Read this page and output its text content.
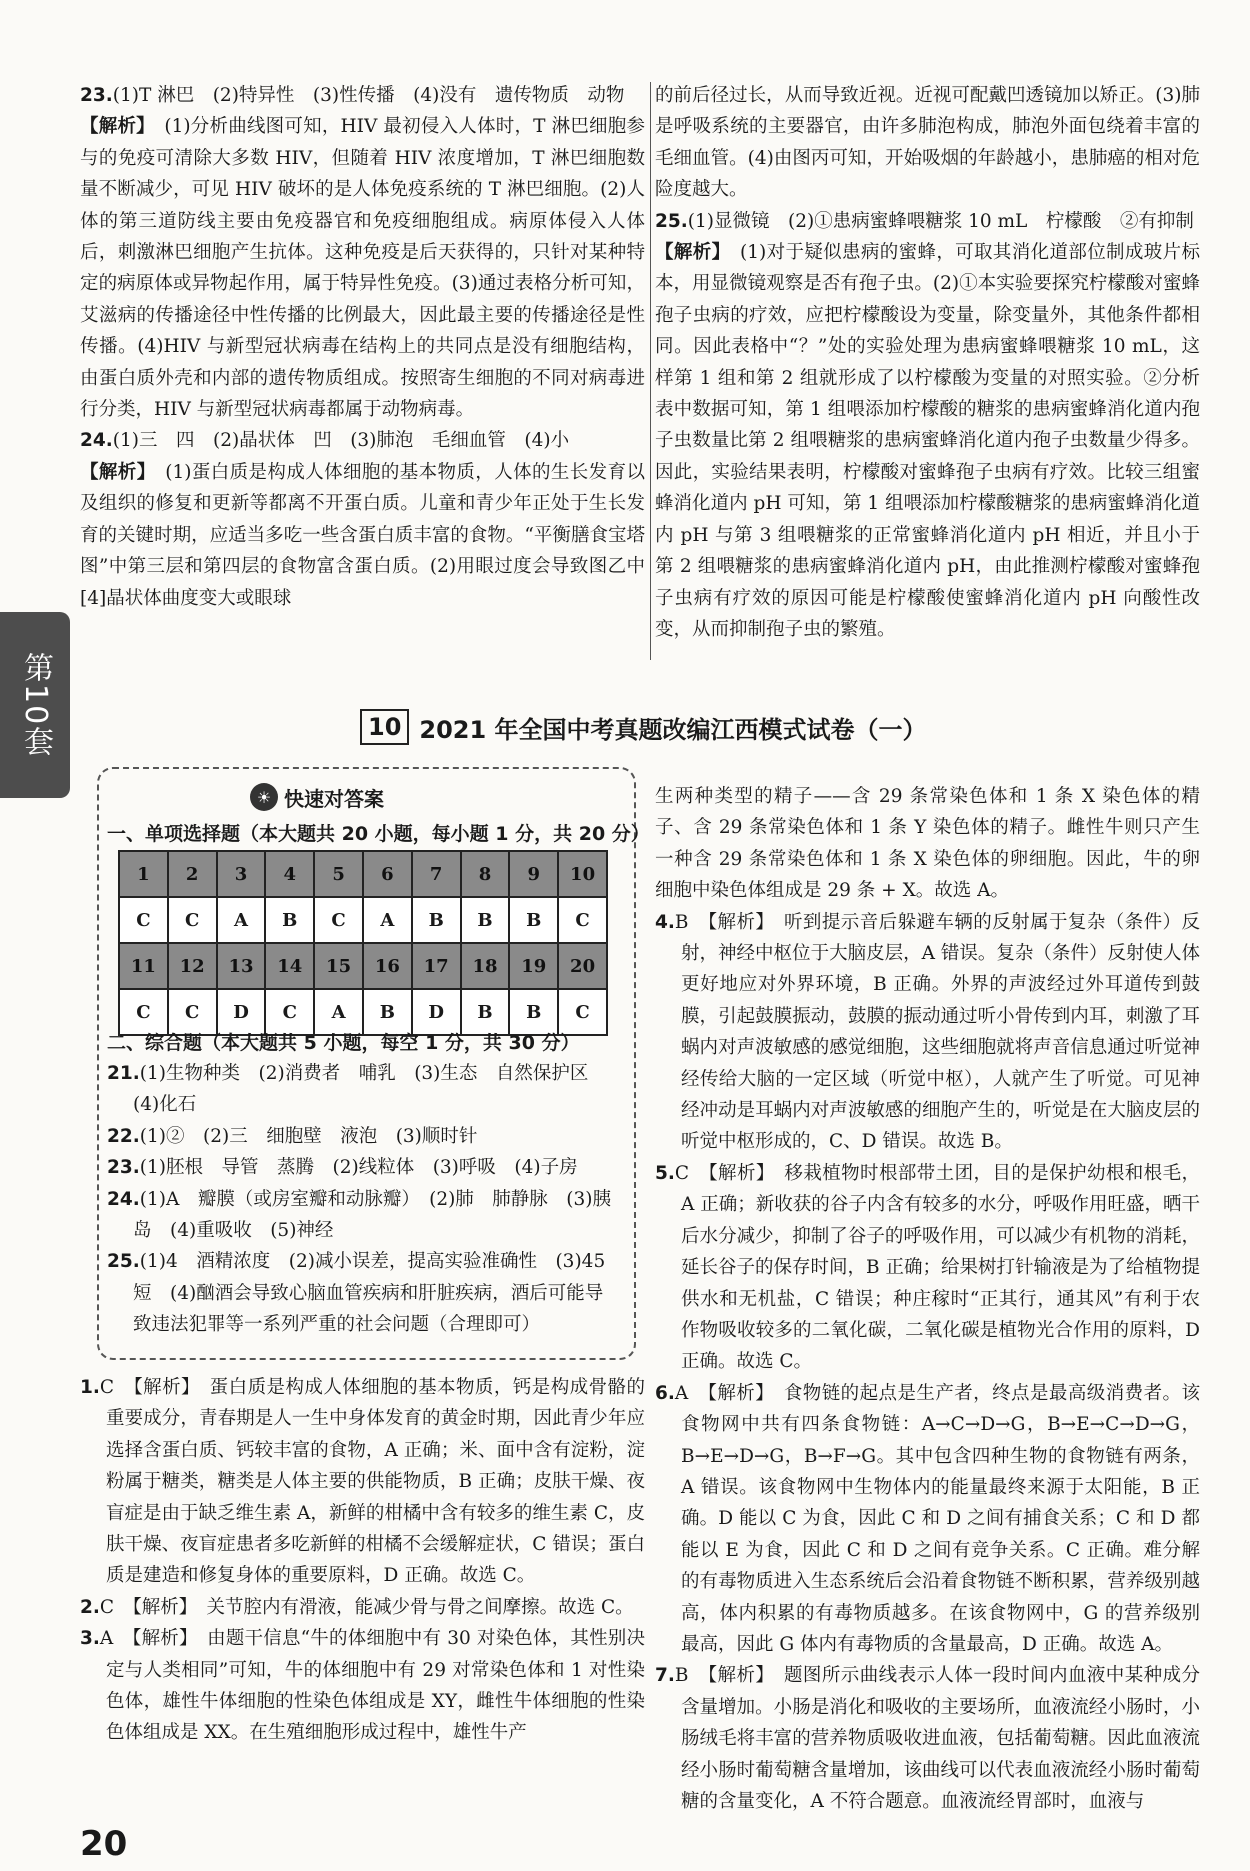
23.(1)T 淋巴　(2)特异性　(3)性传播　(4)没有　遗传物质　动物

【解析】　(1)分析曲线图可知，HIV 最初侵入人体时，T 淋巴细胞参与的免疫可清除大多数 HIV，但随着 HIV 浓度增加，T 淋巴细胞数量不断减少，可见 HIV 破坏的是人体免疫系统的 T 淋巴细胞。(2)人体的第三道防线主要由免疫器官和免疫细胞组成。病原体侵入人体后，刺激淋巴细胞产生抗体。这种免疫是后天获得的，只针对某种特定的病原体或异物起作用，属于特异性免疫。(3)通过表格分析可知，艾滋病的传播途径中性传播的比例最大，因此最主要的传播途径是性传播。(4)HIV 与新型冠状病毒在结构上的共同点是没有细胞结构，由蛋白质外壳和内部的遗传物质组成。按照寄生细胞的不同对病毒进行分类，HIV 与新型冠状病毒都属于动物病毒。

24.(1)三　四　(2)晶状体　凹　(3)肺泡　毛细血管　(4)小

【解析】　(1)蛋白质是构成人体细胞的基本物质，人体的生长发育以及组织的修复和更新等都离不开蛋白质。儿童和青少年正处于生长发育的关键时期，应适当多吃一些含蛋白质丰富的食物。“平衡膳食宝塔图”中第三层和第四层的食物富含蛋白质。(2)用眼过度会导致图乙中[4]晶状体曲度变大或眼球

的前后径过长，从而导致近视。近视可配戴凹透镜加以矫正。(3)肺是呼吸系统的主要器官，由许多肺泡构成，肺泡外面包绕着丰富的毛细血管。(4)由图丙可知，开始吸烟的年龄越小，患肺癌的相对危险度越大。

25.(1)显微镜　(2)①患病蜜蜂喂糖浆 10 mL　柠檬酸　②有抑制

【解析】　(1)对于疑似患病的蜜蜂，可取其消化道部位制成玻片标本，用显微镜观察是否有孢子虫。(2)①本实验要探究柠檬酸对蜜蜂孢子虫病的疗效，应把柠檬酸设为变量，除变量外，其他条件都相同。因此表格中“？”处的实验处理为患病蜜蜂喂糖浆 10 mL，这样第 1 组和第 2 组就形成了以柠檬酸为变量的对照实验。②分析表中数据可知，第 1 组喂添加柠檬酸的糖浆的患病蜜蜂消化道内孢子虫数量比第 2 组喂糖浆的患病蜜蜂消化道内孢子虫数量少得多。因此，实验结果表明，柠檬酸对蜜蜂孢子虫病有疗效。比较三组蜜蜂消化道内 pH 可知，第 1 组喂添加柠檬酸糖浆的患病蜜蜂消化道内 pH 与第 3 组喂糖浆的正常蜜蜂消化道内 pH 相近，并且小于第 2 组喂糖浆的患病蜜蜂消化道内 pH，由此推测柠檬酸对蜜蜂孢子虫病有疗效的原因可能是柠檬酸使蜜蜂消化道内 pH 向酸性改变，从而抑制孢子虫的繁殖。

第10套	10 2021 年全国中考真题改编江西模式试卷（一）
☀ 快速对答案
一、单项选择题（本大题共 20 小题，每小题 1 分，共 20 分）
1	2	3	4	5	6	7	8	9	10
C	C	A	B	C	A	B	B	B	C
11	12	13	14	15	16	17	18	19	20
C	C	D	C	A	B	D	B	B	C
二、综合题（本大题共 5 小题，每空 1 分，共 30 分）

21.(1)生物种类　(2)消费者　哺乳　(3)生态　自然保护区　(4)化石

22.(1)②　(2)三　细胞壁　液泡　(3)顺时针

23.(1)胚根　导管　蒸腾　(2)线粒体　(3)呼吸　(4)子房

24.(1)A　瓣膜（或房室瓣和动脉瓣）　(2)肺　肺静脉　(3)胰岛　(4)重吸收　(5)神经

25.(1)4　酒精浓度　(2)减小误差，提高实验准确性　(3)45　短　(4)酗酒会导致心脑血管疾病和肝脏疾病，酒后可能导致违法犯罪等一系列严重的社会问题（合理即可）

1.C　【解析】　蛋白质是构成人体细胞的基本物质，钙是构成骨骼的重要成分，青春期是人一生中身体发育的黄金时期，因此青少年应选择含蛋白质、钙较丰富的食物，A 正确；米、面中含有淀粉，淀粉属于糖类，糖类是人体主要的供能物质，B 正确；皮肤干燥、夜盲症是由于缺乏维生素 A，新鲜的柑橘中含有较多的维生素 C，皮肤干燥、夜盲症患者多吃新鲜的柑橘不会缓解症状，C 错误；蛋白质是建造和修复身体的重要原料，D 正确。故选 C。

2.C　【解析】　关节腔内有滑液，能减少骨与骨之间摩擦。故选 C。

3.A　【解析】　由题干信息“牛的体细胞中有 30 对染色体，其性别决定与人类相同”可知，牛的体细胞中有 29 对常染色体和 1 对性染色体，雄性牛体细胞的性染色体组成是 XY，雌性牛体细胞的性染色体组成是 XX。在生殖细胞形成过程中，雄性牛产

生两种类型的精子——含 29 条常染色体和 1 条 X 染色体的精子、含 29 条常染色体和 1 条 Y 染色体的精子。雌性牛则只产生一种含 29 条常染色体和 1 条 X 染色体的卵细胞。因此，牛的卵细胞中染色体组成是 29 条 + X。故选 A。

4.B　【解析】　听到提示音后躲避车辆的反射属于复杂（条件）反射，神经中枢位于大脑皮层，A 错误。复杂（条件）反射使人体更好地应对外界环境，B 正确。外界的声波经过外耳道传到鼓膜，引起鼓膜振动，鼓膜的振动通过听小骨传到内耳，刺激了耳蜗内对声波敏感的感觉细胞，这些细胞就将声音信息通过听觉神经传给大脑的一定区域（听觉中枢），人就产生了听觉。可见神经冲动是耳蜗内对声波敏感的细胞产生的，听觉是在大脑皮层的听觉中枢形成的，C、D 错误。故选 B。

5.C　【解析】　移栽植物时根部带土团，目的是保护幼根和根毛，A 正确；新收获的谷子内含有较多的水分，呼吸作用旺盛，晒干后水分减少，抑制了谷子的呼吸作用，可以减少有机物的消耗，延长谷子的保存时间，B 正确；给果树打针输液是为了给植物提供水和无机盐，C 错误；种庄稼时“正其行，通其风”有利于农作物吸收较多的二氧化碳，二氧化碳是植物光合作用的原料，D 正确。故选 C。

6.A　【解析】　食物链的起点是生产者，终点是最高级消费者。该食物网中共有四条食物链：A→C→D→G，B→E→C→D→G，B→E→D→G，B→F→G。其中包含四种生物的食物链有两条，A 错误。该食物网中生物体内的能量最终来源于太阳能，B 正确。D 能以 C 为食，因此 C 和 D 之间有捕食关系；C 和 D 都能以 E 为食，因此 C 和 D 之间有竞争关系。C 正确。难分解的有毒物质进入生态系统后会沿着食物链不断积累，营养级别越高，体内积累的有毒物质越多。在该食物网中，G 的营养级别最高，因此 G 体内有毒物质的含量最高，D 正确。故选 A。

7.B　【解析】　题图所示曲线表示人体一段时间内血液中某种成分含量增加。小肠是消化和吸收的主要场所，血液流经小肠时，小肠绒毛将丰富的营养物质吸收进血液，包括葡萄糖。因此血液流经小肠时葡萄糖含量增加，该曲线可以代表血液流经小肠时葡萄糖的含量变化，A 不符合题意。血液流经胃部时，血液与

20
